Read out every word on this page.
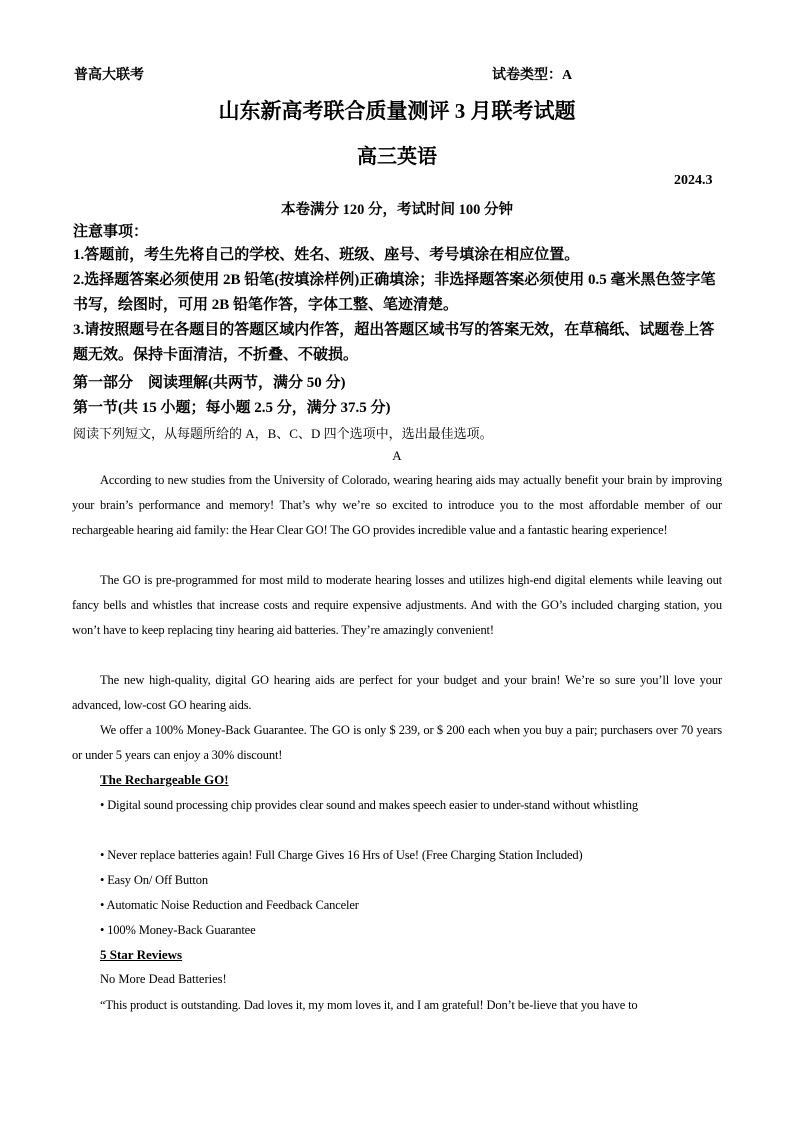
普高大联考	试卷类型：A
山东新高考联合质量测评 3 月联考试题
高三英语
2024.3
本卷满分 120 分，考试时间 100 分钟
注意事项：
1.答题前，考生先将自己的学校、姓名、班级、座号、考号填涂在相应位置。
2.选择题答案必须使用 2B 铅笔(按填涂样例)正确填涂；非选择题答案必须使用 0.5 毫米黑色签字笔书写，绘图时，可用 2B 铅笔作答，字体工整、笔迹清楚。
3.请按照题号在各题目的答题区域内作答，超出答题区域书写的答案无效，在草稿纸、试题卷上答题无效。保持卡面清洁，不折叠、不破损。
第一部分　阅读理解(共两节，满分 50 分)
第一节(共 15 小题；每小题 2.5 分，满分 37.5 分)
阅读下列短文，从每题所给的 A，B、C、D 四个选项中，选出最佳选项。
A
According to new studies from the University of Colorado, wearing hearing aids may actually benefit your brain by improving your brain’s performance and memory! That’s why we’re so excited to introduce you to the most affordable member of our rechargeable hearing aid family: the Hear Clear GO! The GO provides incredible value and a fantastic hearing experience!
The GO is pre-programmed for most mild to moderate hearing losses and utilizes high-end digital elements while leaving out fancy bells and whistles that increase costs and require expensive adjustments. And with the GO’s included charging station, you won’t have to keep replacing tiny hearing aid batteries. They’re amazingly convenient!
The new high-quality, digital GO hearing aids are perfect for your budget and your brain! We’re so sure you’ll love your advanced, low-cost GO hearing aids.
We offer a 100% Money-Back Guarantee. The GO is only $ 239, or $ 200 each when you buy a pair; purchasers over 70 years or under 5 years can enjoy a 30% discount!
The Rechargeable GO!
• Digital sound processing chip provides clear sound and makes speech easier to under-stand without whistling
• Never replace batteries again! Full Charge Gives 16 Hrs of Use! (Free Charging Station Included)
• Easy On/ Off Button
• Automatic Noise Reduction and Feedback Canceler
• 100% Money-Back Guarantee
5 Star Reviews
No More Dead Batteries!
“This product is outstanding. Dad loves it, my mom loves it, and I am grateful! Don’t be-lieve that you have to
